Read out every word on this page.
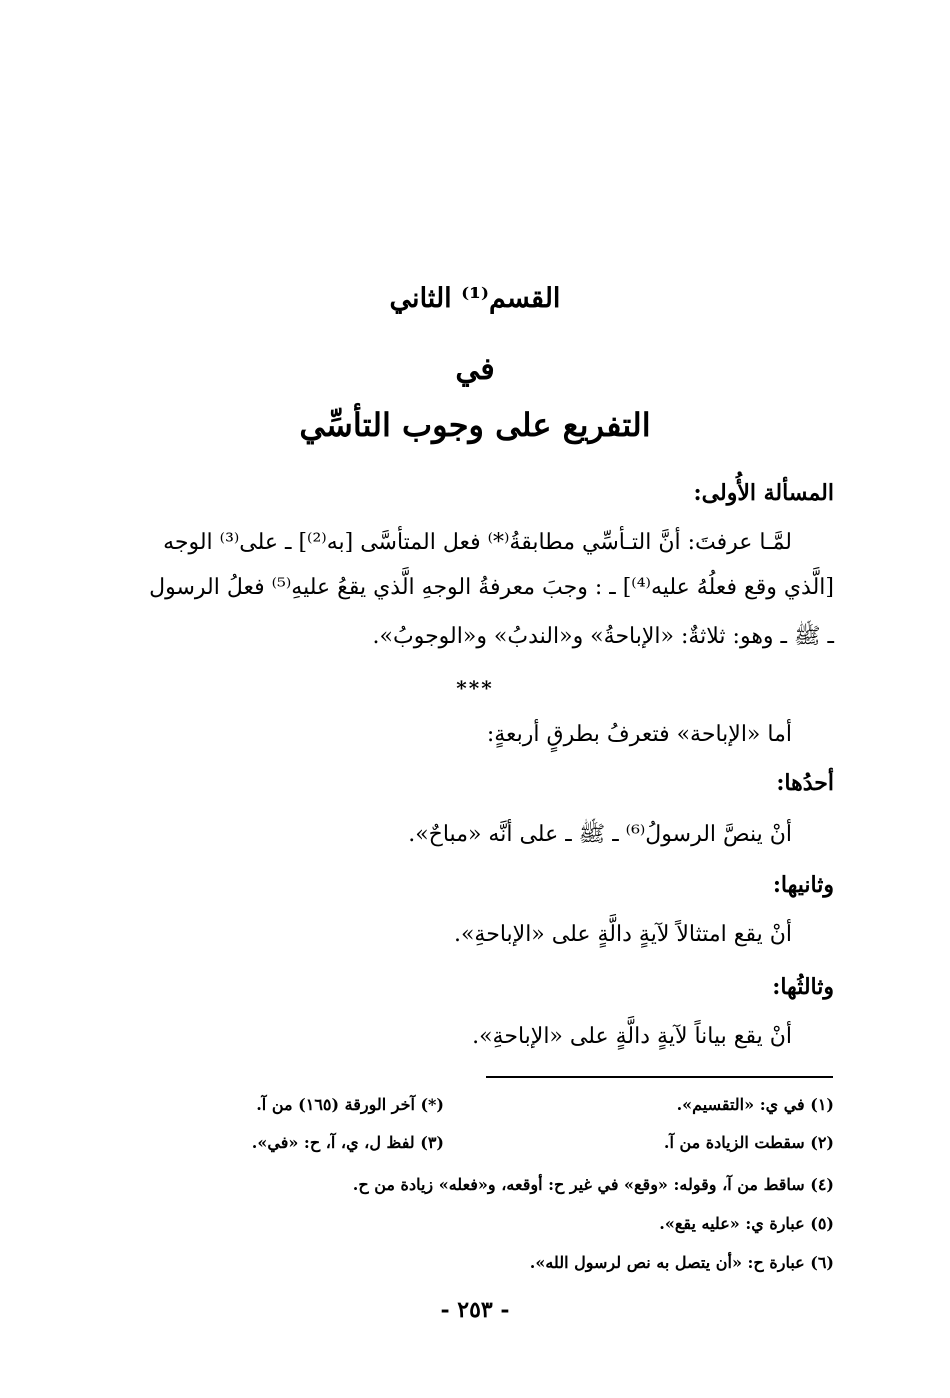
القسم⁽¹⁾ الثاني
في
التفريع على وجوب التأسِّي
المسألة الأُولى:
لمَّـا عرفتَ: أنَّ التـأسِّي مطابقةُ⁽*⁾ فعل المتأسَّى [به⁽²⁾] ـ على⁽³⁾ الوجه
[الَّذي وقع فعلُهُ عليه⁽⁴⁾] ـ : وجبَ معرفةُ الوجهِ الَّذي يقعُ عليهِ⁽⁵⁾ فعلُ الرسول
ـ ﷺ ـ وهو: ثلاثةٌ: «الإباحةُ» و«الندبُ» و«الوجوبُ».
***
أما «الإباحة» فتعرفُ بطرقٍ أربعةٍ:
أحدُها:
أنْ ينصَّ الرسولُ⁽⁶⁾ ـ ﷺ ـ على أنَّه «مباحٌ».
وثانيها:
أنْ يقع امتثالاً لآيةٍ دالَّةٍ على «الإباحةِ».
وثالثُها:
أنْ يقع بياناً لآيةٍ دالَّةٍ على «الإباحةِ».
(١) في ي: «التقسيم».
(*) آخر الورقة (١٦٥) من آ.
(٢) سقطت الزيادة من آ.
(٣) لفظ ل، ي، آ، ح: «في».
(٤) ساقط من آ، وقوله: «وقع» في غير ح: أوقعه، و«فعله» زيادة من ح.
(٥) عبارة ي: «عليه يقع».
(٦) عبارة ح: «أن يتصل به نص لرسول الله».
- ٢٥٣ -
